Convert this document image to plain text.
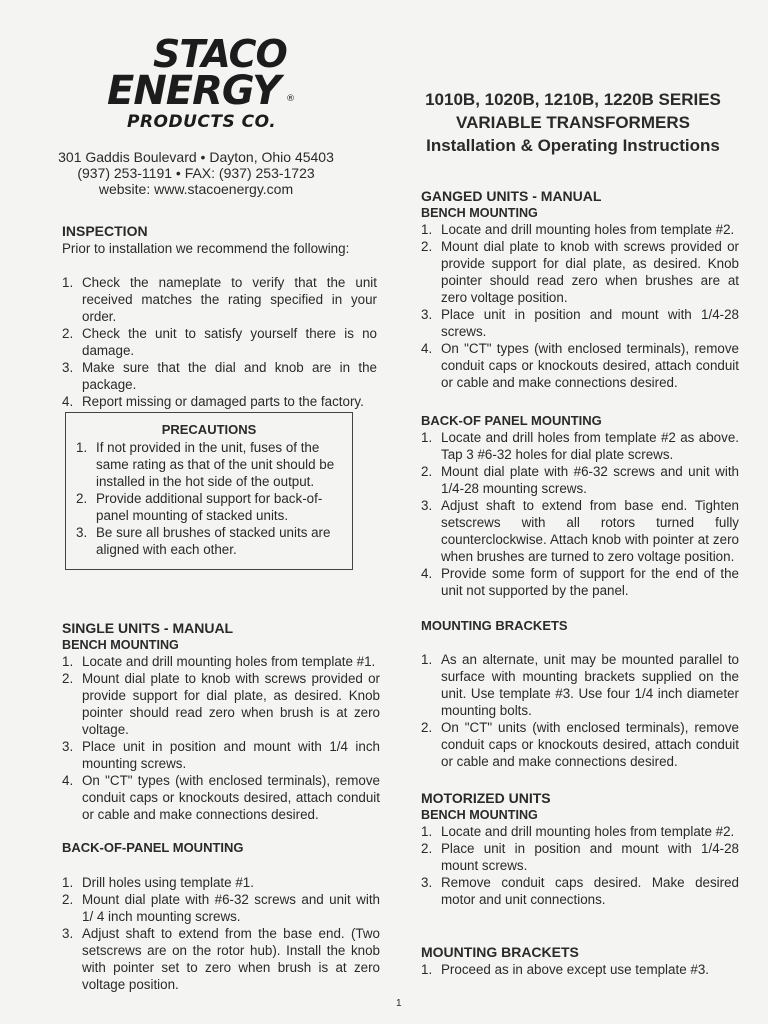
STACO
ENERGY ®
PRODUCTS CO.
301 Gaddis Boulevard • Dayton, Ohio 45403
(937) 253-1191 • FAX: (937) 253-1723
website: www.stacoenergy.com
1010B, 1020B, 1210B, 1220B SERIES
VARIABLE TRANSFORMERS
Installation & Operating Instructions
INSPECTION
Prior to installation we recommend the following:
1. Check the nameplate to verify that the unit received matches the rating specified in your order.
2. Check the unit to satisfy yourself there is no damage.
3. Make sure that the dial and knob are in the package.
4. Report missing or damaged parts to the factory.
PRECAUTIONS
1. If not provided in the unit, fuses of the same rating as that of the unit should be installed in the hot side of the output.
2. Provide additional support for back-of-panel mounting of stacked units.
3. Be sure all brushes of stacked units are aligned with each other.
SINGLE UNITS - MANUAL
BENCH MOUNTING
1. Locate and drill mounting holes from template #1.
2. Mount dial plate to knob with screws provided or provide support for dial plate, as desired. Knob pointer should read zero when brush is at zero voltage.
3. Place unit in position and mount with 1/4 inch mounting screws.
4. On "CT" types (with enclosed terminals), remove conduit caps or knockouts desired, attach conduit or cable and make connections desired.
BACK-OF-PANEL MOUNTING
1. Drill holes using template #1.
2. Mount dial plate with #6-32 screws and unit with 1/ 4 inch mounting screws.
3. Adjust shaft to extend from the base end. (Two setscrews are on the rotor hub). Install the knob with pointer set to zero when brush is at zero voltage position.
GANGED UNITS - MANUAL
BENCH MOUNTING
1. Locate and drill mounting holes from template #2.
2. Mount dial plate to knob with screws provided or provide support for dial plate, as desired. Knob pointer should read zero when brushes are at zero voltage position.
3. Place unit in position and mount with 1/4-28 screws.
4. On "CT" types (with enclosed terminals), remove conduit caps or knockouts desired, attach conduit or cable and make connections desired.
BACK-OF PANEL MOUNTING
1. Locate and drill holes from template #2 as above. Tap 3 #6-32 holes for dial plate screws.
2. Mount dial plate with #6-32 screws and unit with 1/4-28 mounting screws.
3. Adjust shaft to extend from base end. Tighten setscrews with all rotors turned fully counterclockwise. Attach knob with pointer at zero when brushes are turned to zero voltage position.
4. Provide some form of support for the end of the unit not supported by the panel.
MOUNTING BRACKETS
1. As an alternate, unit may be mounted parallel to surface with mounting brackets supplied on the unit. Use template #3. Use four 1/4 inch diameter mounting bolts.
2. On "CT" units (with enclosed terminals), remove conduit caps or knockouts desired, attach conduit or cable and make connections desired.
MOTORIZED UNITS
BENCH MOUNTING
1. Locate and drill mounting holes from template #2.
2. Place unit in position and mount with 1/4-28 mount screws.
3. Remove conduit caps desired. Make desired motor and unit connections.
MOUNTING BRACKETS
1. Proceed as in above except use template #3.
1
